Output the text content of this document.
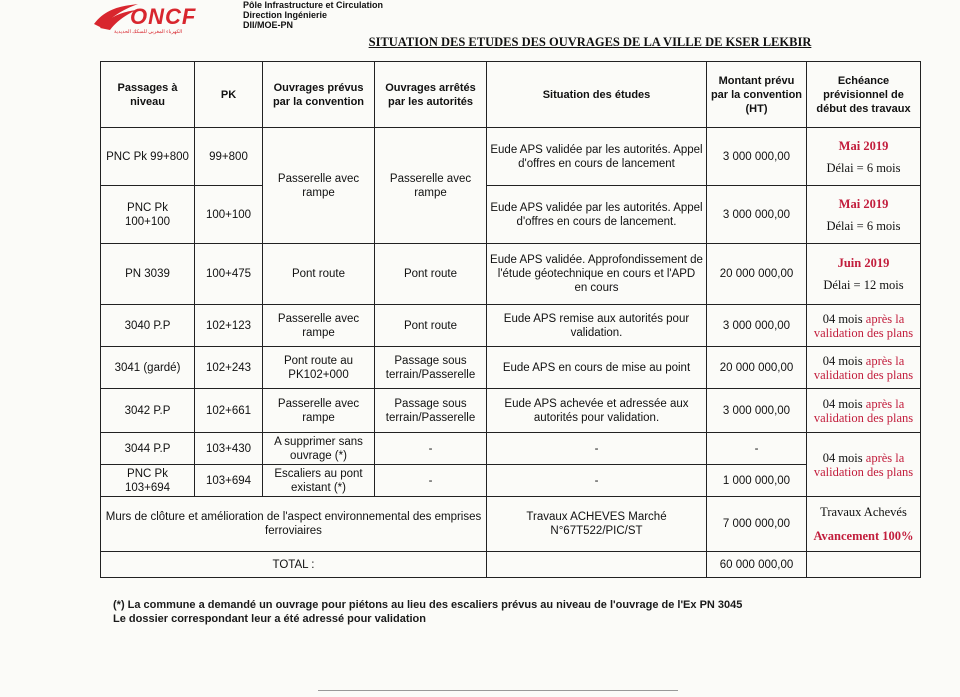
ONCF
الكهرباء المغربي للسكك الحديدية
Pôle Infrastructure et Circulation
Direction Ingénierie
DII/MOE-PN
SITUATION DES ETUDES DES OUVRAGES DE LA VILLE DE KSER LEKBIR
Passages à niveau	PK	Ouvrages prévus par la convention	Ouvrages arrêtés par les autorités	Situation des études	Montant prévu par la convention (HT)	Echéance prévisionnel de début des travaux
PNC Pk 99+800	99+800	Passerelle avec rampe	Passerelle avec rampe	Eude APS validée par les autorités. Appel d'offres en cours de lancement	3 000 000,00	Mai 2019
Délai = 6 mois

PNC Pk 100+100	100+100			Eude APS validée par les autorités. Appel d'offres en cours de lancement.	3 000 000,00	Mai 2019
Délai = 6 mois

PN 3039	100+475	Pont route	Pont route	Eude APS validée. Approfondissement de l'étude géotechnique en cours et l'APD en cours	20 000 000,00	Juin 2019
Délai = 12 mois

3040 P.P	102+123	Passerelle avec rampe	Pont route	Eude APS remise aux autorités pour validation.	3 000 000,00	04 mois après la validation des plans
3041 (gardé)	102+243	Pont route au PK102+000	Passage sous terrain/Passerelle	Eude APS en cours de mise au point	20 000 000,00	04 mois après la validation des plans
3042 P.P	102+661	Passerelle avec rampe	Passage sous terrain/Passerelle	Eude APS achevée et adressée aux autorités pour validation.	3 000 000,00	04 mois après la validation des plans
3044 P.P	103+430	A supprimer sans ouvrage (*)	-	-	-	04 mois après la validation des plans
PNC Pk 103+694	103+694	Escaliers au pont existant (*)	-	-	1 000 000,00	
Murs de clôture et amélioration de l'aspect environnemental des emprises ferroviaires				Travaux ACHEVES Marché N°67T522/PIC/ST	7 000 000,00	Travaux Achevés
Avancement 100%

TOTAL :					60 000 000,00	
(*) La commune a demandé un ouvrage pour piétons au lieu des escaliers prévus au niveau de l'ouvrage de l'Ex PN 3045
Le dossier correspondant leur a été adressé pour validation
